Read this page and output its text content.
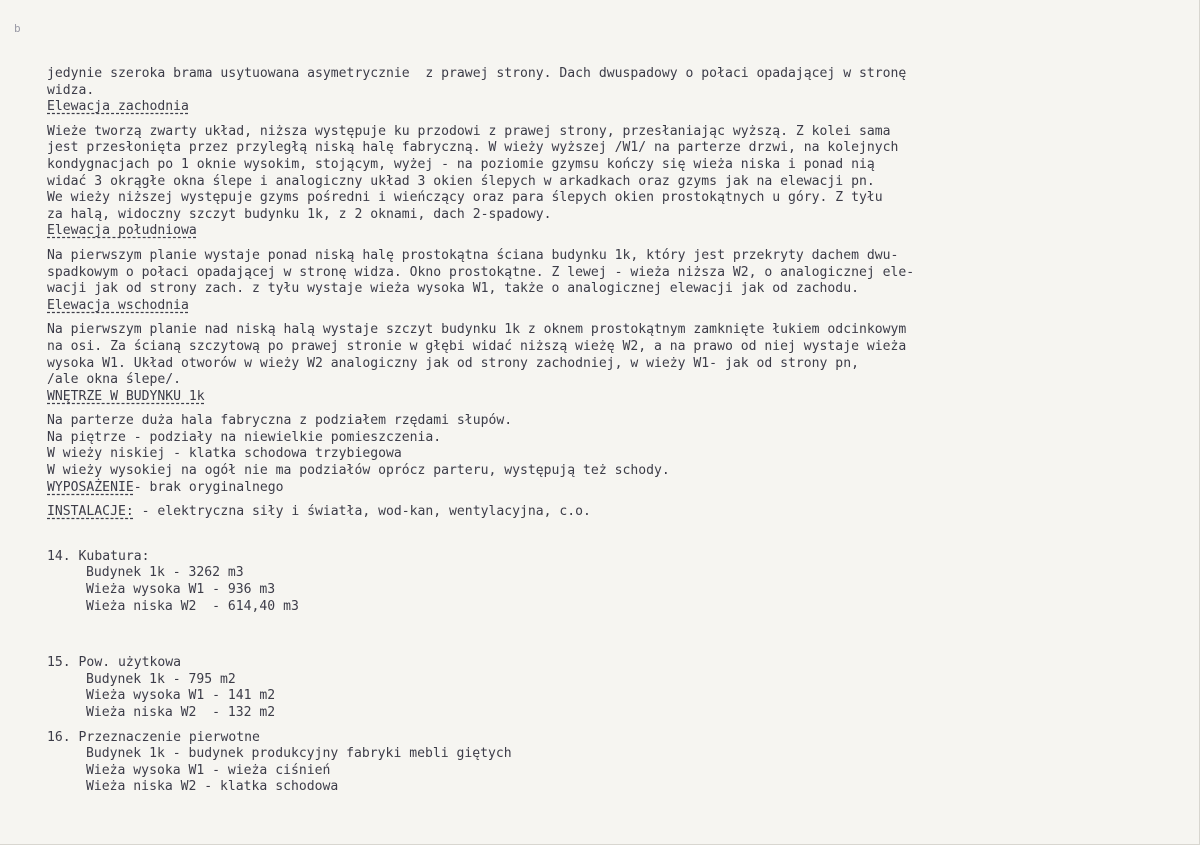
b
jedynie szeroka brama usytuowana asymetrycznie  z prawej strony. Dach dwuspadowy o połaci opadającej w stronę
widza.
Elewacja zachodnia
Wieże tworzą zwarty układ, niższa występuje ku przodowi z prawej strony, przesłaniając wyższą. Z kolei sama
jest przesłonięta przez przyległą niską halę fabryczną. W wieży wyższej /W1/ na parterze drzwi, na kolejnych
kondygnacjach po 1 oknie wysokim, stojącym, wyżej - na poziomie gzymsu kończy się wieża niska i ponad nią
widać 3 okrągłe okna ślepe i analogiczny układ 3 okien ślepych w arkadkach oraz gzyms jak na elewacji pn.
We wieży niższej występuje gzyms pośredni i wieńczący oraz para ślepych okien prostokątnych u góry. Z tyłu
za halą, widoczny szczyt budynku 1k, z 2 oknami, dach 2-spadowy.
Elewacja południowa
Na pierwszym planie wystaje ponad niską halę prostokątna ściana budynku 1k, który jest przekryty dachem dwu-
spadkowym o połaci opadającej w stronę widza. Okno prostokątne. Z lewej - wieża niższa W2, o analogicznej ele-
wacji jak od strony zach. z tyłu wystaje wieża wysoka W1, także o analogicznej elewacji jak od zachodu.
Elewacja wschodnia
Na pierwszym planie nad niską halą wystaje szczyt budynku 1k z oknem prostokątnym zamknięte łukiem odcinkowym
na osi. Za ścianą szczytową po prawej stronie w głębi widać niższą wieżę W2, a na prawo od niej wystaje wieża
wysoka W1. Układ otworów w wieży W2 analogiczny jak od strony zachodniej, w wieży W1- jak od strony pn,
/ale okna ślepe/.
WNĘTRZE W BUDYNKU 1k
Na parterze duża hala fabryczna z podziałem rzędami słupów.
Na piętrze - podziały na niewielkie pomieszczenia.
W wieży niskiej - klatka schodowa trzybiegowa
W wieży wysokiej na ogół nie ma podziałów oprócz parteru, występują też schody.
WYPOSAŻENIE- brak oryginalnego
INSTALACJE: - elektryczna siły i światła, wod-kan, wentylacyjna, c.o.
14. Kubatura:
Budynek 1k - 3262 m3
Wieża wysoka W1 - 936 m3
Wieża niska W2  - 614,40 m3
15. Pow. użytkowa
Budynek 1k - 795 m2
Wieża wysoka W1 - 141 m2
Wieża niska W2  - 132 m2
16. Przeznaczenie pierwotne
Budynek 1k - budynek produkcyjny fabryki mebli giętych
Wieża wysoka W1 - wieża ciśnień
Wieża niska W2 - klatka schodowa
